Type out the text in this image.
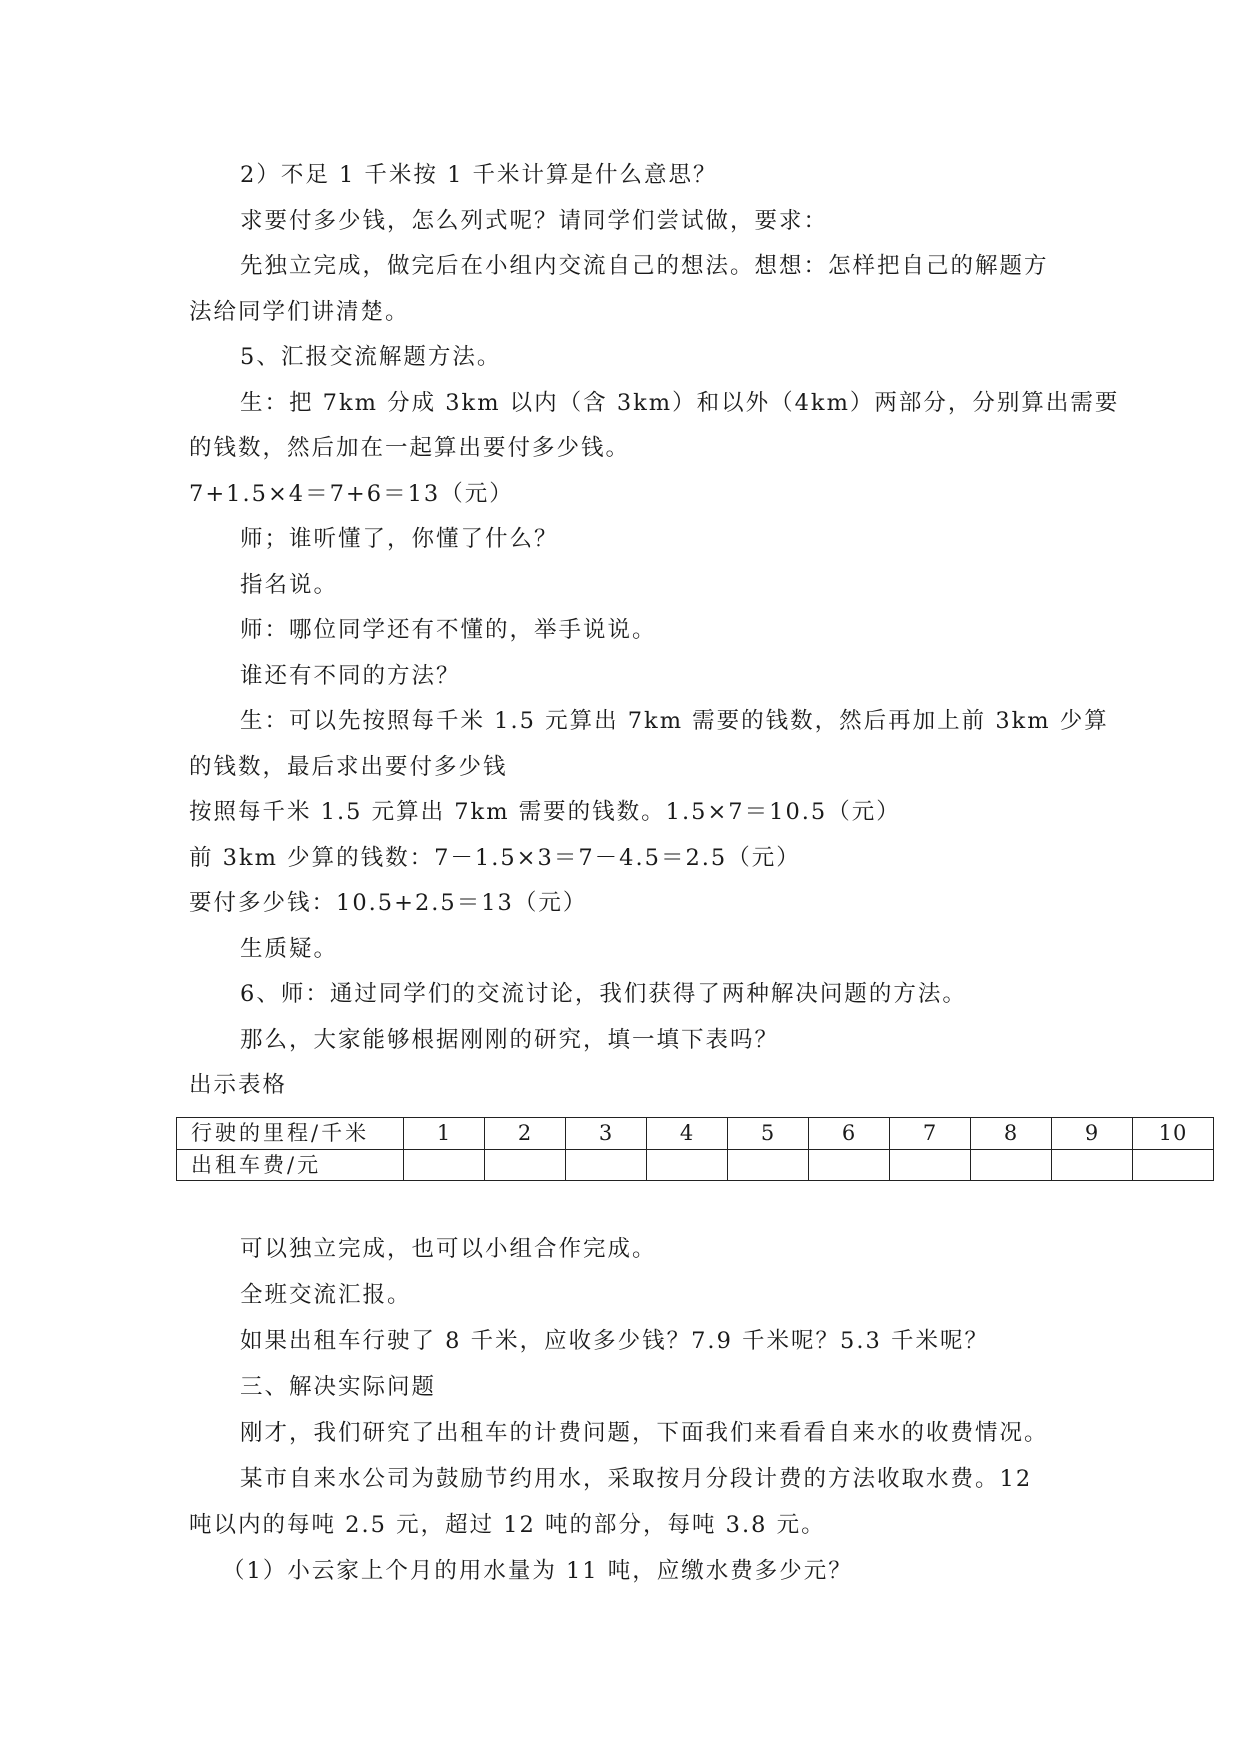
2）不足 1 千米按 1 千米计算是什么意思？
求要付多少钱，怎么列式呢？请同学们尝试做，要求：
先独立完成，做完后在小组内交流自己的想法。想想：怎样把自己的解题方
法给同学们讲清楚。
5、汇报交流解题方法。
生：把 7km 分成 3km 以内（含 3km）和以外（4km）两部分，分别算出需要
的钱数，然后加在一起算出要付多少钱。
7+1.5×4＝7+6＝13（元）
师；谁听懂了，你懂了什么？
指名说。
师：哪位同学还有不懂的，举手说说。
谁还有不同的方法？
生：可以先按照每千米 1.5 元算出 7km 需要的钱数，然后再加上前 3km 少算
的钱数，最后求出要付多少钱
按照每千米 1.5 元算出 7km 需要的钱数。1.5×7＝10.5（元）
前 3km 少算的钱数：7－1.5×3＝7－4.5＝2.5（元）
要付多少钱：10.5+2.5＝13（元）
生质疑。
6、师：通过同学们的交流讨论，我们获得了两种解决问题的方法。
那么，大家能够根据刚刚的研究，填一填下表吗？
出示表格
行驶的里程/千米	1	2	3	4	5	6	7	8	9	10
出租车费/元										
可以独立完成，也可以小组合作完成。
全班交流汇报。
如果出租车行驶了 8 千米，应收多少钱？7.9 千米呢？5.3 千米呢？
三、解决实际问题
刚才，我们研究了出租车的计费问题，下面我们来看看自来水的收费情况。
某市自来水公司为鼓励节约用水，采取按月分段计费的方法收取水费。12
吨以内的每吨 2.5 元，超过 12 吨的部分，每吨 3.8 元。
（1）小云家上个月的用水量为 11 吨，应缴水费多少元？
